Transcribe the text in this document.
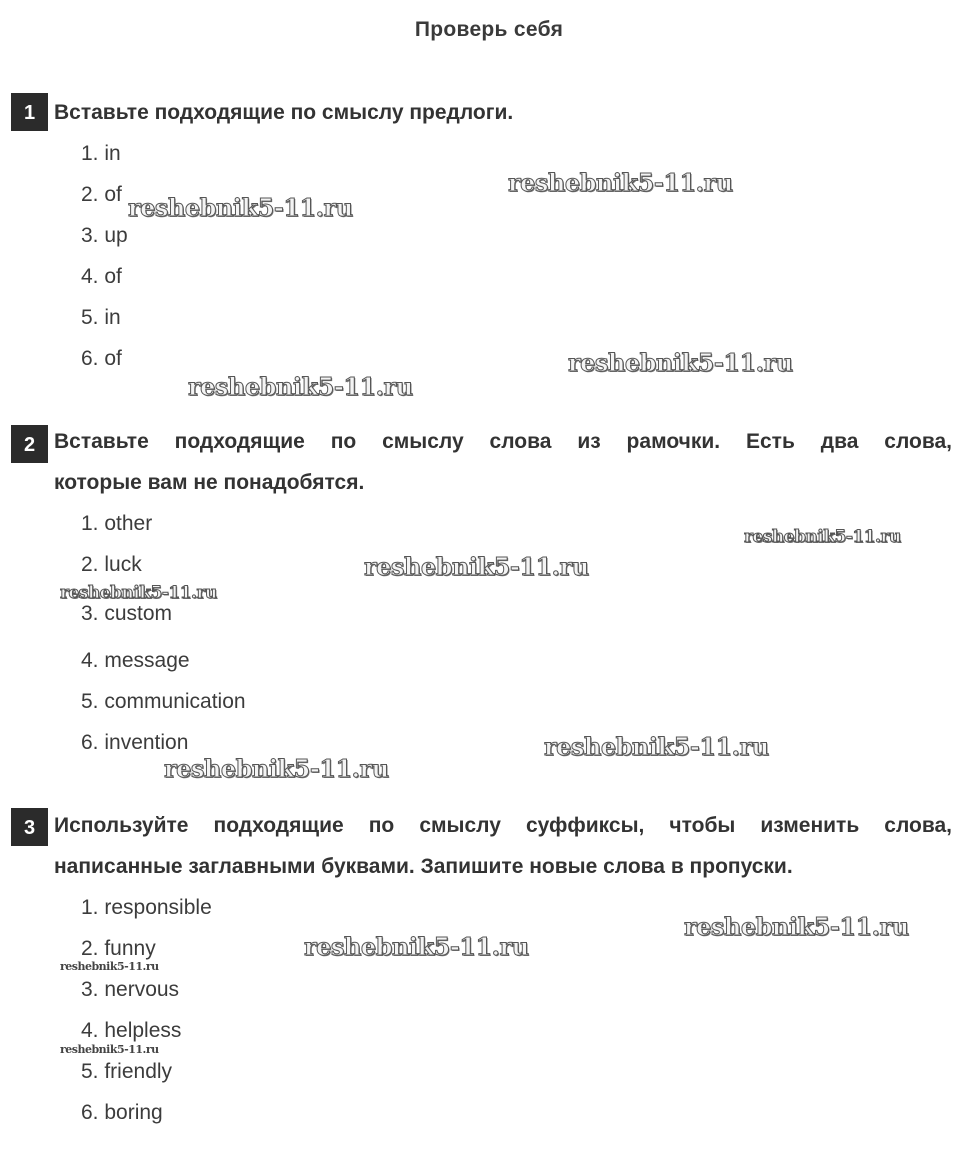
Проверь себя
1 Вставьте подходящие по смыслу предлоги.
1. in
2. of
3. up
4. of
5. in
6. of
2 Вставьте подходящие по смыслу слова из рамочки. Есть два слова,
которые вам не понадобятся.
1. other
2. luck
3. custom
4. message
5. communication
6. invention
3 Используйте подходящие по смыслу суффиксы, чтобы изменить слова,
написанные заглавными буквами. Запишите новые слова в пропуски.
1. responsible
2. funny
3. nervous
4. helpless
5. friendly
6. boring
reshebnik5-11.ru
reshebnik5-11.ru
reshebnik5-11.ru
reshebnik5-11.ru
reshebnik5-11.ru
reshebnik5-11.ru
reshebnik5-11.ru
reshebnik5-11.ru
reshebnik5-11.ru
reshebnik5-11.ru
reshebnik5-11.ru
reshebnik5-11.ru
reshebnik5-11.ru
